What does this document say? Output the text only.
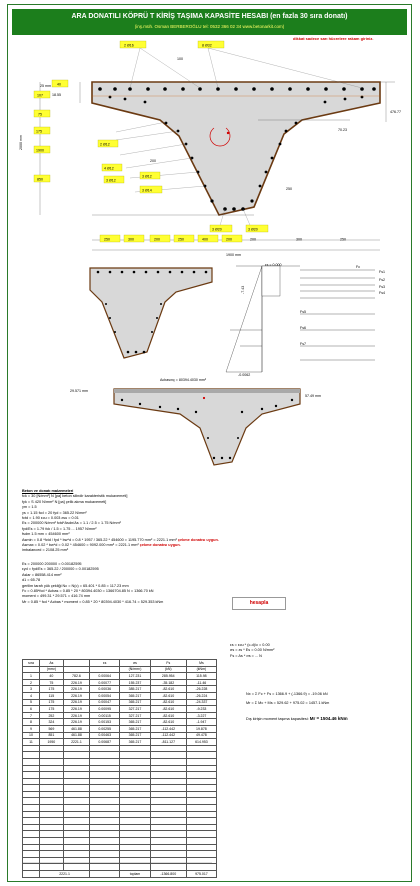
ARA DONATILI KÖPRÜ T KİRİŞ TAŞIMA KAPASİTE HESABI (en fazla 30 sıra donatı)
(inş.müh. Osman BERBEROĞLU tel: 0532 366 02 34 www.betonarkit.com)
dikkat sadece sarı hücrelere rakam giriniz.
2 Ø16	8 Ø32
40
107
75
175
1900
850
2 Ø12
4 Ø12
3 Ø12
3 Ø12
3 Ø14
3 Ø20	3 Ø20
25 mm
18.55
100
70.23
250
476.77
200
2000 mm
1900 mm
250	300	200	250	400	200	200	300	250
εs = 0.000	Fc
Fs1
Fs2
Fs3
Fs4
Fs5
Fs6
Fs7
-0.0062
-7.43
Acbasınç = 80394.4030 mm²
29.571 mm
57.49 mm
Beton ve donatı malzemeleri
fck = 30 [N/mm²] N [pa] beton silindir karakteristik mukavemeti]
fyk = S 420 N/mm² N [pa] çelik akma mukavemeti]
γm = 1.5
γs = 1.15 fcd = 20 fyd = 365.22 N/mm²
fctd = 1.90 εcu = 0.003 εsu = 0.01
Es = 200000 N/mm² fctd*Asdn/As = 1.1 / 2.5 = 1.75 N/mm²
fyd/Es = 1.79 fck / 1.5 = 1.75 ... 1957 N/mm²
fsdm 1.5 mm = 454600 mm²
Asmin = 0.8 *fctd / fyd * bw*d = 0.8 * 1957 / 365.22 * 454600 = 1195.770 mm² = 2221.1 mm² çekme donatısı uygun.
Asmax = 0.02 * bw*d = 0.02 * 454600 = 9092.000 mm² = 2221.1 mm² çekme donatısı uygun.
imbalanced = 2108.25 mm²
Es = 200000 200000 = 0.00182595
εyd = fyd/Es = 365.22 / 200000 = 0.00182595
Aslar = 86558.414 mm²
d1 = 65.78
gerilim tarafı yük çekliği Nc = N(c) = 65.401 * 0.85 = 117.23 mm
Fc = 0.85*fcd * Acbas = 0.85 * 20 * 80394.4030 = 1366704.85 N = 1366.70 kN
moment = 499.31 * 29.571 = 416.74 mm
Mr = 0.85 * fcd * Acbas * moment = 0.85 * 20 * 80394.4030 * 416.74 = 529.353 kNm
εs = εcu * (c-d)/c = 0.00
σs = εs * Es = 0.00 N/mm²
Fs = As * σs = ... N
hesapla
sıra	As		εs	σs	Fs	Ms
	(mm²)			(N/mm²)	(kN)	(kNm)
1	40	782.6	0.00064	127.231	285.954	115.98
2	75	226.19	0.00077	155.237	-35.182	-11.46
3	175	226.19	0.00036	385.217	-82.610	-26.228
4	115	226.19	0.00054	365.217	-82.610	-26.224
5	175	226.19	0.00047	365.217	-82.610	-24.337
6	175	226.19	0.00095	327.217	-82.610	-9.233
7	252	226.19	0.00115	327.217	-82.610	-3.227
8	324	226.19	0.00153	365.217	-82.610	-1.947
9	569	461.88	0.00255	365.217	-112.442	19.878
10	851	461.88	0.00463	365.217	-112.442	49.478
11	1950	2221.1	0.00687	365.217	-811.127	614.953

	2221.1			toplam	-1366.800	975.017
Nx = Σ Fc + Fs = 1366.9 + (-1366.9) = -19.06 kN
Mr = Σ Mc + Ms = 529.62 + 975.02 = 1457.1 kNm
Dış kirişin moment taşıma kapasitesi: Mr = 1504.46 kNm
